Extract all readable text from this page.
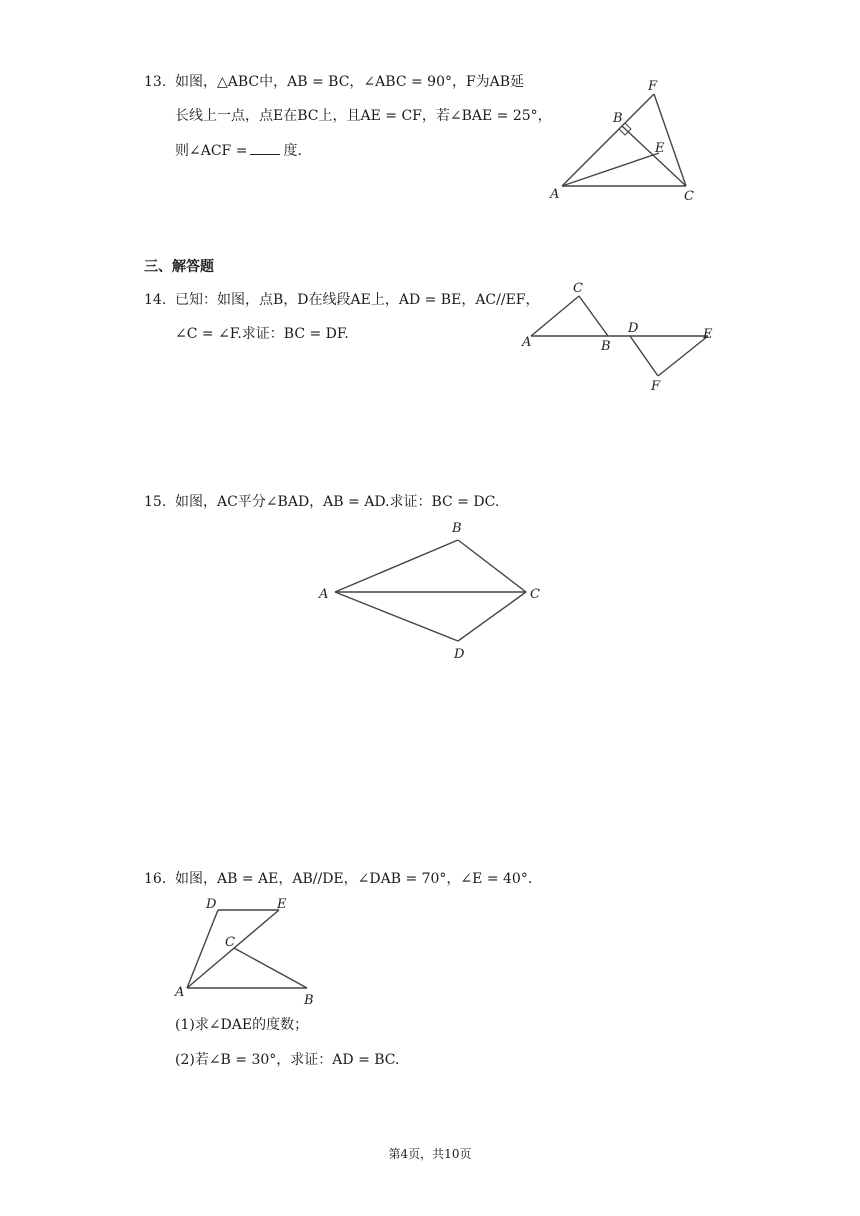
13. 如图，△ABC中，AB = BC，∠ABC = 90°，F为AB延
长线上一点，点E在BC上，且AE = CF，若∠BAE = 25°，
则∠ACF =	度.
A
B
C
E
F
三、解答题
14. 已知：如图，点B，D在线段AE上，AD = BE，AC//EF，
∠C = ∠F.求证：BC = DF.
A	B
C
D	E
F
15. 如图，AC平分∠BAD，AB = AD.求证：BC = DC.
A
B
C
D
16. 如图，AB = AE，AB//DE，∠DAB = 70°，∠E = 40°.
A
B
C
D	E
(1)求∠DAE的度数；
(2)若∠B = 30°，求证：AD = BC.
第4页，共10页
